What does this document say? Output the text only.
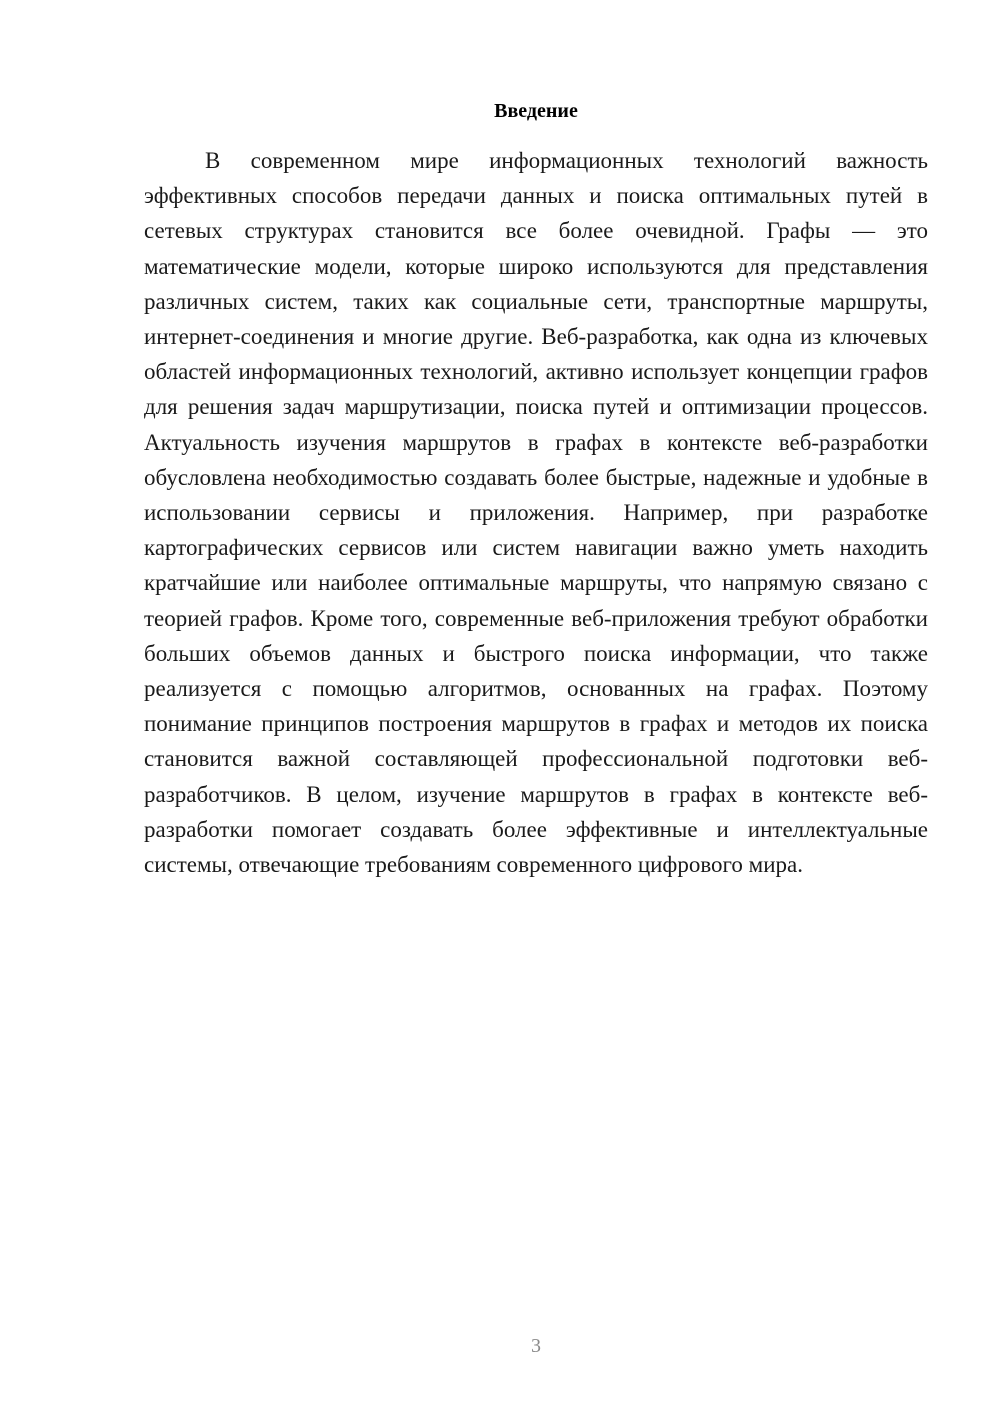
Введение

В современном мире информационных технологий важность эффективных способов передачи данных и поиска оптимальных путей в сетевых структурах становится все более очевидной. Графы — это математические модели, которые широко используются для представления различных систем, таких как социальные сети, транспортные маршруты, интернет-соединения и многие другие. Веб-разработка, как одна из ключевых областей информационных технологий, активно использует концепции графов для решения задач маршрутизации, поиска путей и оптимизации процессов. Актуальность изучения маршрутов в графах в контексте веб-разработки обусловлена необходимостью создавать более быстрые, надежные и удобные в использовании сервисы и приложения. Например, при разработке картографических сервисов или систем навигации важно уметь находить кратчайшие или наиболее оптимальные маршруты, что напрямую связано с теорией графов. Кроме того, современные веб-приложения требуют обработки больших объемов данных и быстрого поиска информации, что также реализуется с помощью алгоритмов, основанных на графах. Поэтому понимание принципов построения маршрутов в графах и методов их поиска становится важной составляющей профессиональной подготовки веб-разработчиков. В целом, изучение маршрутов в графах в контексте веб-разработки помогает создавать более эффективные и интеллектуальные системы, отвечающие требованиям современного цифрового мира.

3
